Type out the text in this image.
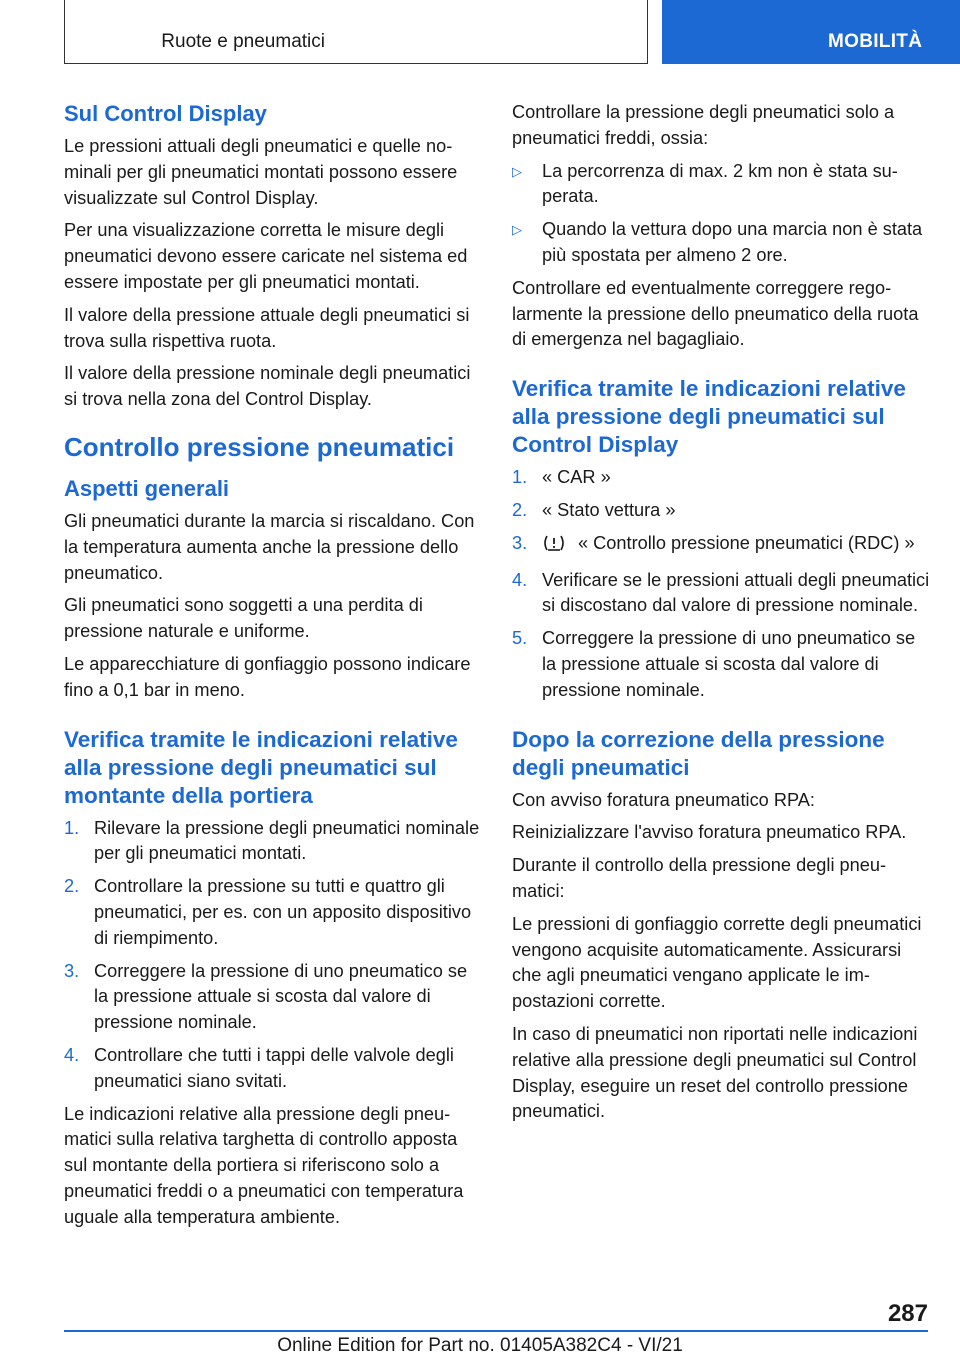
Ruote e pneumatici	MOBILITÀ
Sul Control Display

Le pressioni attuali degli pneumatici e quelle nominali per gli pneumatici montati possono essere visualizzate sul Control Display.

Per una visualizzazione corretta le misure degli pneumatici devono essere caricate nel sistema ed essere impostate per gli pneumatici montati.

Il valore della pressione attuale degli pneumatici si trova sulla rispettiva ruota.

Il valore della pressione nominale degli pneumatici si trova nella zona del Control Display.

Controllo pressione pneumatici
Aspetti generali

Gli pneumatici durante la marcia si riscaldano. Con la temperatura aumenta anche la pressione dello pneumatico.

Gli pneumatici sono soggetti a una perdita di pressione naturale e uniforme.

Le apparecchiature di gonfiaggio possono indicare fino a 0,1 bar in meno.

Verifica tramite le indicazioni relative alla pressione degli pneumatici sul montante della portiera
1. Rilevare la pressione degli pneumatici nominale per gli pneumatici montati.
2. Controllare la pressione su tutti e quattro gli pneumatici, per es. con un apposito dispositivo di riempimento.
3. Correggere la pressione di uno pneumatico se la pressione attuale si scosta dal valore di pressione nominale.
4. Controllare che tutti i tappi delle valvole degli pneumatici siano svitati.

Le indicazioni relative alla pressione degli pneumatici sulla relativa targhetta di controllo apposta sul montante della portiera si riferiscono solo a pneumatici freddi o a pneumatici con temperatura uguale alla temperatura ambiente.

Controllare la pressione degli pneumatici solo a pneumatici freddi, ossia:

▷ La percorrenza di max. 2 km non è stata superata.
▷ Quando la vettura dopo una marcia non è stata più spostata per almeno 2 ore.

Controllare ed eventualmente correggere regolarmente la pressione dello pneumatico della ruota di emergenza nel bagagliaio.

Verifica tramite le indicazioni relative alla pressione degli pneumatici sul Control Display
1. « CAR »
2. « Stato vettura »
3.	« Controllo pressione pneumatici (RDC) »
4. Verificare se le pressioni attuali degli pneumatici si discostano dal valore di pressione nominale.
5. Correggere la pressione di uno pneumatico se la pressione attuale si scosta dal valore di pressione nominale.
Dopo la correzione della pressione degli pneumatici

Con avviso foratura pneumatico RPA:

Reinizializzare l'avviso foratura pneumatico RPA.

Durante il controllo della pressione degli pneumatici:

Le pressioni di gonfiaggio corrette degli pneumatici vengono acquisite automaticamente. Assicurarsi che agli pneumatici vengano applicate le impostazioni corrette.

In caso di pneumatici non riportati nelle indicazioni relative alla pressione degli pneumatici sul Control Display, eseguire un reset del controllo pressione pneumatici.

287
Online Edition for Part no. 01405A382C4 - VI/21
